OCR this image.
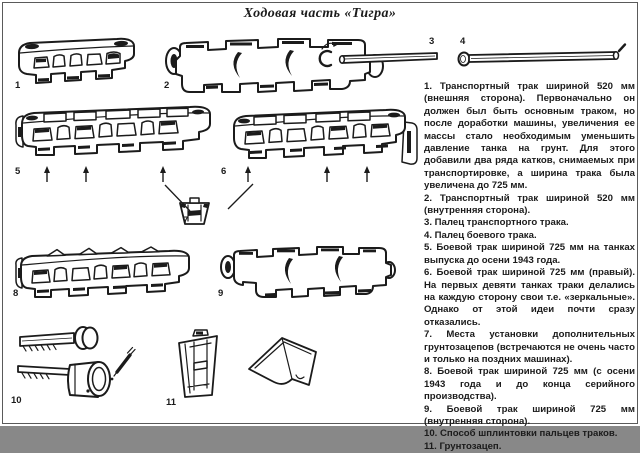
Ходовая часть «Тигра»
1	2
3	4
5	6
7
8	9
10	11

1. Транспортный трак шириной 520 мм (внешняя сторона). Первоначально он должен был быть основным траком, но после доработки машины, увеличения ее массы стало необходимым уменьшить давление танка на грунт. Для этого добавили два ряда катков, снимаемых при транспортировке, а ширина трака была увеличена до 725 мм.

2. Транспортный трак шириной 520 мм (внутренняя сторона).

3. Палец транспортного трака.

4. Палец боевого трака.

5. Боевой трак шириной 725 мм на танках выпуска до осени 1943 года.

6. Боевой трак шириной 725 мм (правый). На первых девяти танках траки делались на каждую сторону свои т.е. «зеркальные». Однако от этой идеи почти сразу отказались.

7. Места установки дополнительных грунтозацепов (встречаются не очень часто и только на поздних машинах).

8. Боевой трак шириной 725 мм (с осени 1943 года и до конца серийного производства).

9. Боевой трак шириной 725 мм (внутренняя сторона).

10. Способ шплинтовки пальцев траков.

11. Грунтозацеп.
